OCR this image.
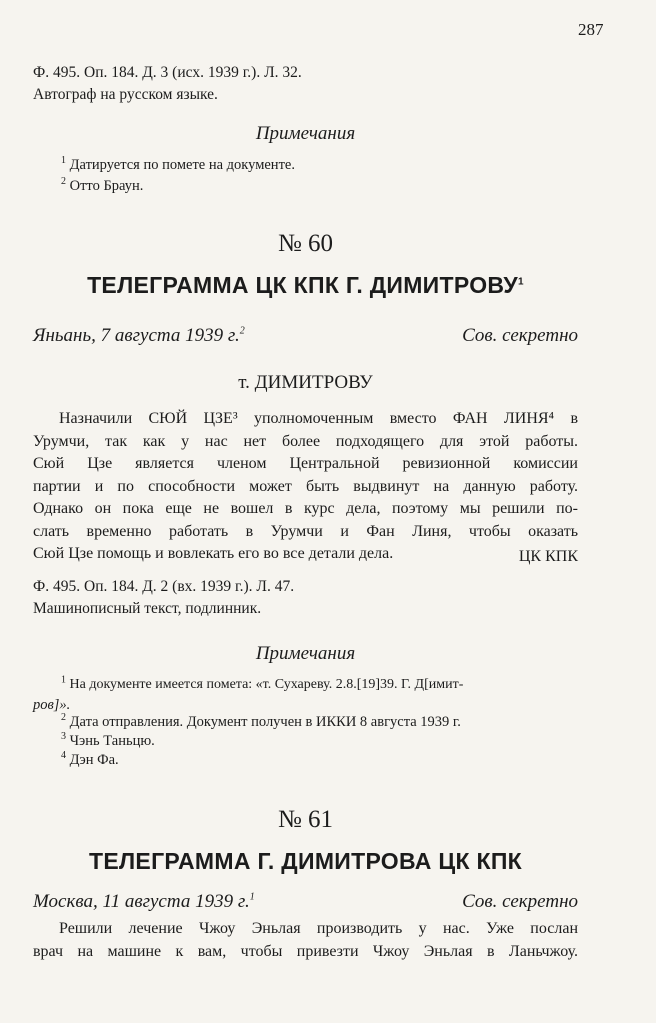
287
Ф. 495. Оп. 184. Д. 3 (исх. 1939 г.). Л. 32.
Автограф на русском языке.
Примечания
$^1$ Датируется по помете на документе.
$^2$ Отто Браун.
№ 60
ТЕЛЕГРАММА ЦК КПК Г. ДИМИТРОВУ$^1$
Яньань, 7 августа 1939 г.$^2$	Сов. секретно
т. ДИМИТРОВУ
Назначили СЮЙ ЦЗЕ³ уполномоченным вместо ФАН ЛИНЯ⁴ в
Урумчи, так как у нас нет более подходящего для этой работы.
Сюй Цзе является членом Центральной ревизионной комиссии
партии и по способности может быть выдвинут на данную работу.
Однако он пока еще не вошел в курс дела, поэтому мы решили по-
слать временно работать в Урумчи и Фан Линя, чтобы оказать
Сюй Цзе помощь и вовлекать его во все детали дела.	ЦК КПК
Ф. 495. Оп. 184. Д. 2 (вх. 1939 г.). Л. 47.
Машинописный текст, подлинник.
Примечания
$^1$ На документе имеется помета: «т. Сухареву. 2.8.[19]39. Г. Д[имит-
ров]».
$^2$ Дата отправления. Документ получен в ИККИ 8 августа 1939 г.
$^3$ Чэнь Таньцю.
$^4$ Дэн Фа.
№ 61
ТЕЛЕГРАММА Г. ДИМИТРОВА ЦК КПК
Москва, 11 августа 1939 г.$^1$	Сов. секретно
Решили лечение Чжоу Эньлая производить у нас. Уже послан
врач на машине к вам, чтобы привезти Чжоу Эньлая в Ланьчжоу.
